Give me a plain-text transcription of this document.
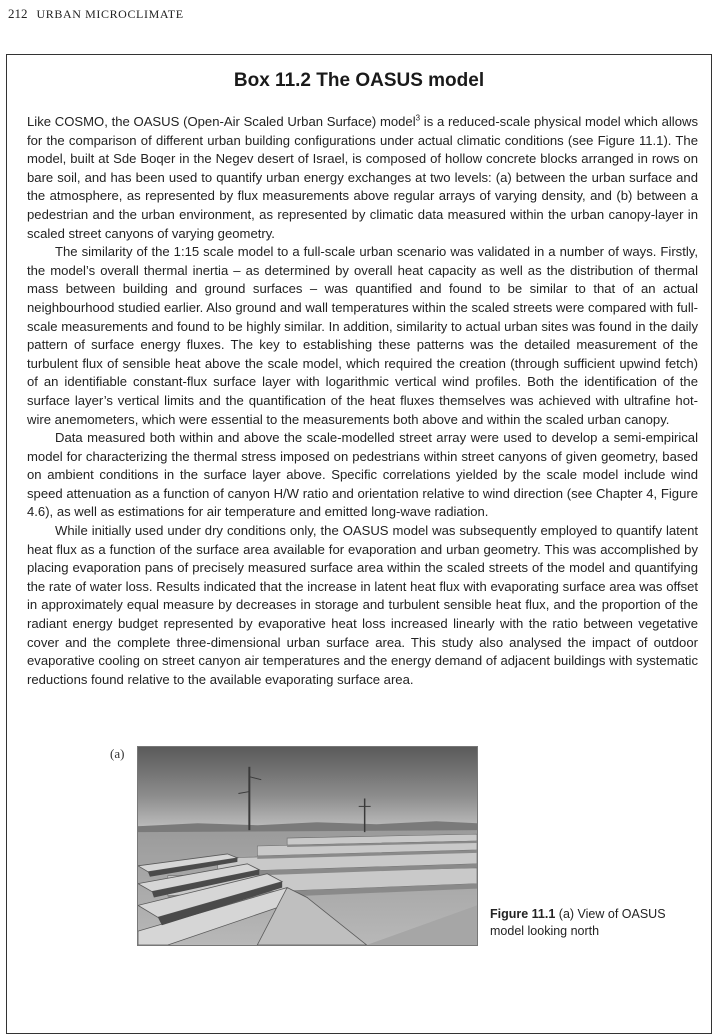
212 URBAN MICROCLIMATE
Box 11.2 The OASUS model

Like COSMO, the OASUS (Open-Air Scaled Urban Surface) model$^3$ is a reduced-scale physical model which allows for the comparison of different urban building configurations under actual climatic conditions (see Figure 11.1). The model, built at Sde Boqer in the Negev desert of Israel, is composed of hollow concrete blocks arranged in rows on bare soil, and has been used to quantify urban energy exchanges at two levels: (a) between the urban surface and the atmosphere, as represented by flux measurements above regular arrays of varying density, and (b) between a pedestrian and the urban environment, as represented by climatic data measured within the urban canopy-layer in scaled street canyons of varying geometry.

The similarity of the 1:15 scale model to a full-scale urban scenario was validated in a number of ways. Firstly, the model’s overall thermal inertia – as determined by overall heat capacity as well as the distribution of thermal mass between building and ground surfaces – was quantified and found to be similar to that of an actual neighbourhood studied earlier. Also ground and wall temperatures within the scaled streets were compared with full-scale measurements and found to be highly similar. In addition, similarity to actual urban sites was found in the daily pattern of surface energy fluxes. The key to establishing these patterns was the detailed measurement of the turbulent flux of sensible heat above the scale model, which required the creation (through sufficient upwind fetch) of an identifiable constant-flux surface layer with logarithmic vertical wind profiles. Both the identification of the surface layer’s vertical limits and the quantification of the heat fluxes themselves was achieved with ultrafine hot-wire anemometers, which were essential to the measurements both above and within the scaled urban canopy.

Data measured both within and above the scale-modelled street array were used to develop a semi-empirical model for characterizing the thermal stress imposed on pedestrians within street canyons of given geometry, based on ambient conditions in the surface layer above. Specific correlations yielded by the scale model include wind speed attenuation as a function of canyon H/W ratio and orientation relative to wind direction (see Chapter 4, Figure 4.6), as well as estimations for air temperature and emitted long-wave radiation.

While initially used under dry conditions only, the OASUS model was subsequently employed to quantify latent heat flux as a function of the surface area available for evaporation and urban geometry. This was accomplished by placing evaporation pans of precisely measured surface area within the scaled streets of the model and quantifying the rate of water loss. Results indicated that the increase in latent heat flux with evaporating surface area was offset in approximately equal measure by decreases in storage and turbulent sensible heat flux, and the proportion of the radiant energy budget represented by evaporative heat loss increased linearly with the ratio between vegetative cover and the complete three-dimensional urban surface area. This study also analysed the impact of outdoor evaporative cooling on street canyon air temperatures and the energy demand of adjacent buildings with systematic reductions found relative to the available evaporating surface area.

(a)
Figure 11.1 (a) View of OASUS model looking north
